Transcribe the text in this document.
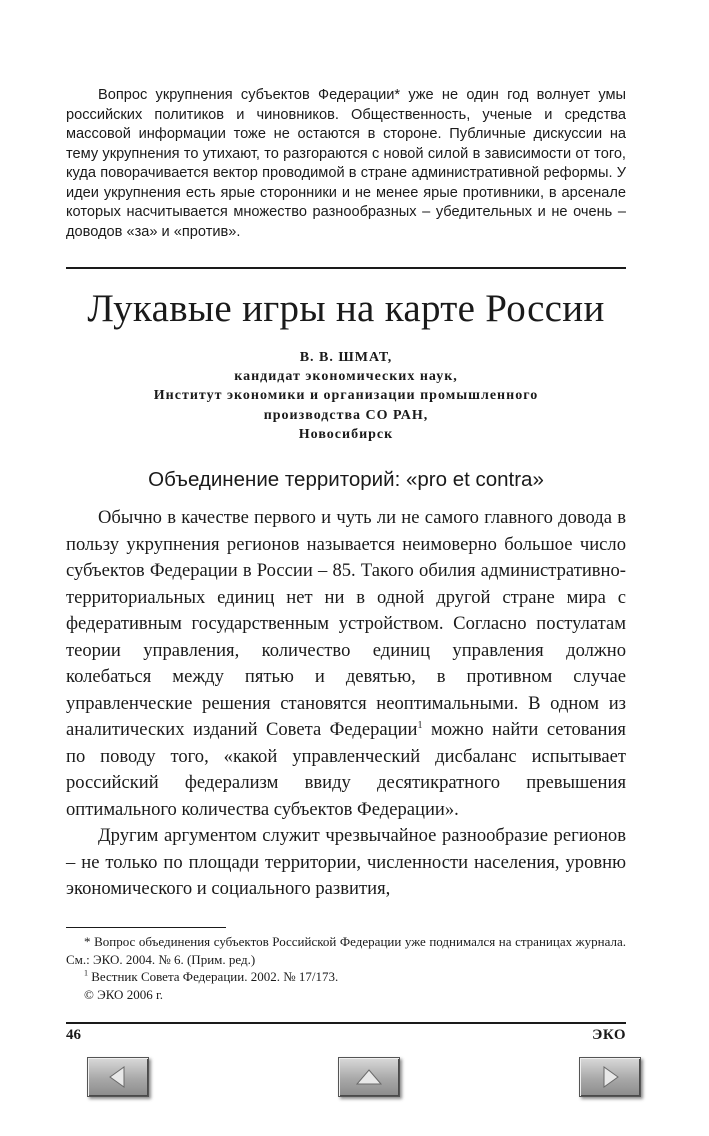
Вопрос укрупнения субъектов Федерации* уже не один год волнует умы российских политиков и чиновников. Общественность, ученые и средства массовой информации тоже не остаются в стороне. Публичные дискуссии на тему укрупнения то утихают, то разгораются с новой силой в зависимости от того, куда поворачивается вектор проводимой в стране административной реформы. У идеи укрупнения есть ярые сторонники и не менее ярые противники, в арсенале которых насчитывается множество разнообразных – убедительных и не очень – доводов «за» и «против».

Лукавые игры на карте России
В. В. ШМАТ,
кандидат экономических наук,
Институт экономики и организации промышленного
производства СО РАН,
Новосибирск
Объединение территорий: «pro et contra»

Обычно в качестве первого и чуть ли не самого главного довода в пользу укрупнения регионов называется неимоверно большое число субъектов Федерации в России – 85. Такого обилия административно-территориальных единиц нет ни в одной другой стране мира с федеративным государственным устройством. Согласно постулатам теории управления, количество единиц управления должно колебаться между пятью и девятью, в противном случае управленческие решения становятся неоптимальными. В одном из аналитических изданий Совета Федерации$^1$ можно найти сетования по поводу того, «какой управленческий дисбаланс испытывает российский федерализм ввиду десятикратного превышения оптимального количества субъектов Федерации».

Другим аргументом служит чрезвычайное разнообразие регионов – не только по площади территории, численности населения, уровню экономического и социального развития,

* Вопрос объединения субъектов Российской Федерации уже поднимался на страницах журнала. См.: ЭКО. 2004. № 6. (Прим. ред.)

$^1$ Вестник Совета Федерации. 2002. № 17/173.

© ЭКО 2006 г.

46	ЭКО
